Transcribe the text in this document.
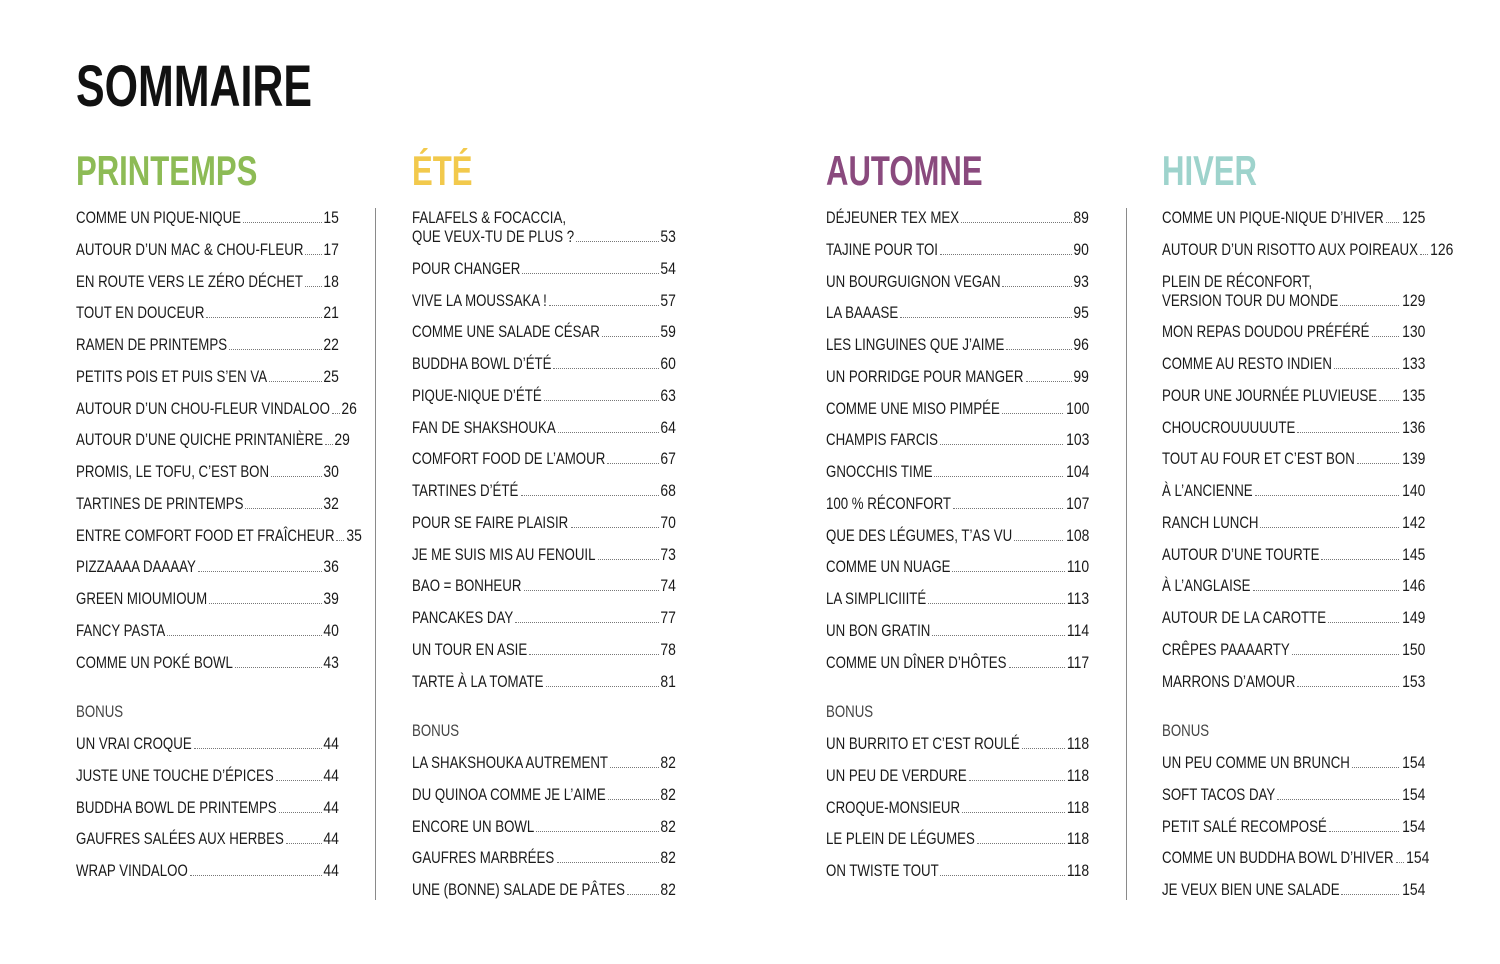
SOMMAIRE
PRINTEMPS
COMME UN PIQUE-NIQUE	15
AUTOUR D’UN MAC & CHOU-FLEUR 17
EN ROUTE VERS LE ZÉRO DÉCHET 18
TOUT EN DOUCEUR	21
RAMEN DE PRINTEMPS	22
PETITS POIS ET PUIS S’EN VA	25
AUTOUR D’UN CHOU-FLEUR VINDALOO 26
AUTOUR D’UNE QUICHE PRINTANIÈRE 29
PROMIS, LE TOFU, C’EST BON	30
TARTINES DE PRINTEMPS	32
ENTRE COMFORT FOOD ET FRAÎCHEUR 35
PIZZAAAA DAAAAY	36
GREEN MIOUMIOUM	39
FANCY PASTA	40
COMME UN POKÉ BOWL	43
BONUS
UN VRAI CROQUE	44
JUSTE UNE TOUCHE D’ÉPICES	44
BUDDHA BOWL DE PRINTEMPS	44
GAUFRES SALÉES AUX HERBES 44
WRAP VINDALOO	44
ÉTÉ
FALAFELS & FOCACCIA,
QUE VEUX-TU DE PLUS ?	53
POUR CHANGER	54
VIVE LA MOUSSAKA !	57
COMME UNE SALADE CÉSAR	59
BUDDHA BOWL D’ÉTÉ	60
PIQUE-NIQUE D’ÉTÉ	63
FAN DE SHAKSHOUKA	64
COMFORT FOOD DE L’AMOUR	67
TARTINES D’ÉTÉ	68
POUR SE FAIRE PLAISIR	70
JE ME SUIS MIS AU FENOUIL	73
BAO = BONHEUR	74
PANCAKES DAY	77
UN TOUR EN ASIE	78
TARTE À LA TOMATE	81
BONUS
LA SHAKSHOUKA AUTREMENT	82
DU QUINOA COMME JE L’AIME	82
ENCORE UN BOWL	82
GAUFRES MARBRÉES	82
UNE (BONNE) SALADE DE PÂTES 82
AUTOMNE
DÉJEUNER TEX MEX	89
TAJINE POUR TOI	90
UN BOURGUIGNON VEGAN	93
LA BAAASE	95
LES LINGUINES QUE J’AIME	96
UN PORRIDGE POUR MANGER	99
COMME UNE MISO PIMPÉE	100
CHAMPIS FARCIS	103
GNOCCHIS TIME	104
100 % RÉCONFORT	107
QUE DES LÉGUMES, T’AS VU	108
COMME UN NUAGE	110
LA SIMPLICIIITÉ	113
UN BON GRATIN	114
COMME UN DÎNER D’HÔTES	117
BONUS
UN BURRITO ET C’EST ROULÉ	118
UN PEU DE VERDURE	118
CROQUE-MONSIEUR	118
LE PLEIN DE LÉGUMES	118
ON TWISTE TOUT	118
HIVER
COMME UN PIQUE-NIQUE D’HIVER 125
AUTOUR D’UN RISOTTO AUX POIREAUX 126
PLEIN DE RÉCONFORT,
VERSION TOUR DU MONDE	129
MON REPAS DOUDOU PRÉFÉRÉ 130
COMME AU RESTO INDIEN	133
POUR UNE JOURNÉE PLUVIEUSE 135
CHOUCROUUUUUTE	136
TOUT AU FOUR ET C’EST BON	139
À L’ANCIENNE	140
RANCH LUNCH	142
AUTOUR D’UNE TOURTE	145
À L’ANGLAISE	146
AUTOUR DE LA CAROTTE	149
CRÊPES PAAAARTY	150
MARRONS D’AMOUR	153
BONUS
UN PEU COMME UN BRUNCH	154
SOFT TACOS DAY	154
PETIT SALÉ RECOMPOSÉ	154
COMME UN BUDDHA BOWL D’HIVER 154
JE VEUX BIEN UNE SALADE	154
